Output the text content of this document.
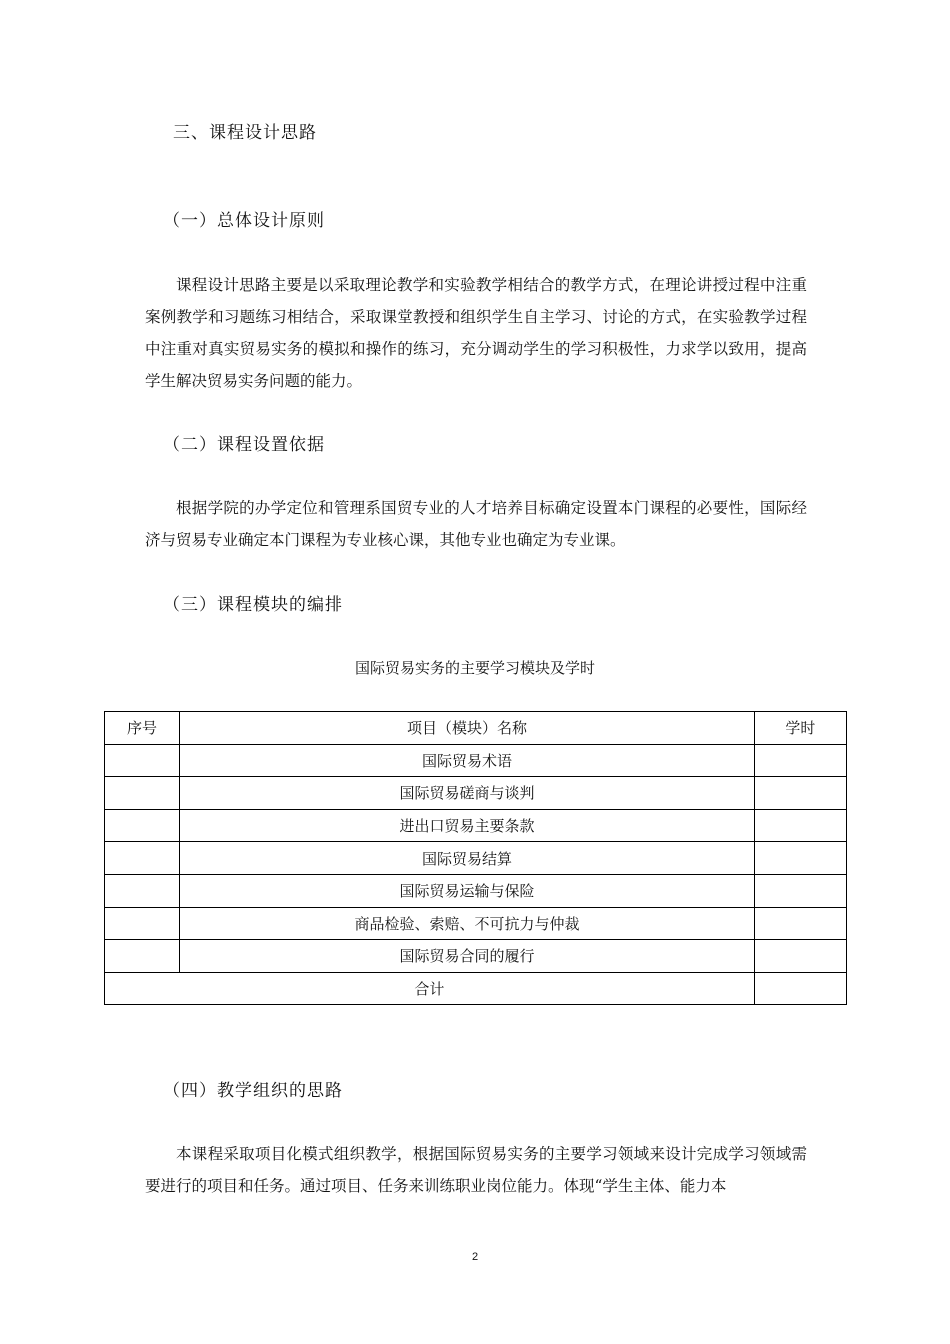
三、课程设计思路
（一）总体设计原则
课程设计思路主要是以采取理论教学和实验教学相结合的教学方式，在理论讲授过程中注重案例教学和习题练习相结合，采取课堂教授和组织学生自主学习、讨论的方式，在实验教学过程中注重对真实贸易实务的模拟和操作的练习，充分调动学生的学习积极性，力求学以致用，提高学生解决贸易实务问题的能力。
（二）课程设置依据
根据学院的办学定位和管理系国贸专业的人才培养目标确定设置本门课程的必要性，国际经济与贸易专业确定本门课程为专业核心课，其他专业也确定为专业课。
（三）课程模块的编排
国际贸易实务的主要学习模块及学时
序号	项目（模块）名称	学时
	国际贸易术语	
	国际贸易磋商与谈判	
	进出口贸易主要条款	
	国际贸易结算	
	国际贸易运输与保险	
	商品检验、索赔、不可抗力与仲裁	
	国际贸易合同的履行	
合计		
（四）教学组织的思路
本课程采取项目化模式组织教学，根据国际贸易实务的主要学习领域来设计完成学习领域需要进行的项目和任务。通过项目、任务来训练职业岗位能力。体现“学生主体、能力本
2
